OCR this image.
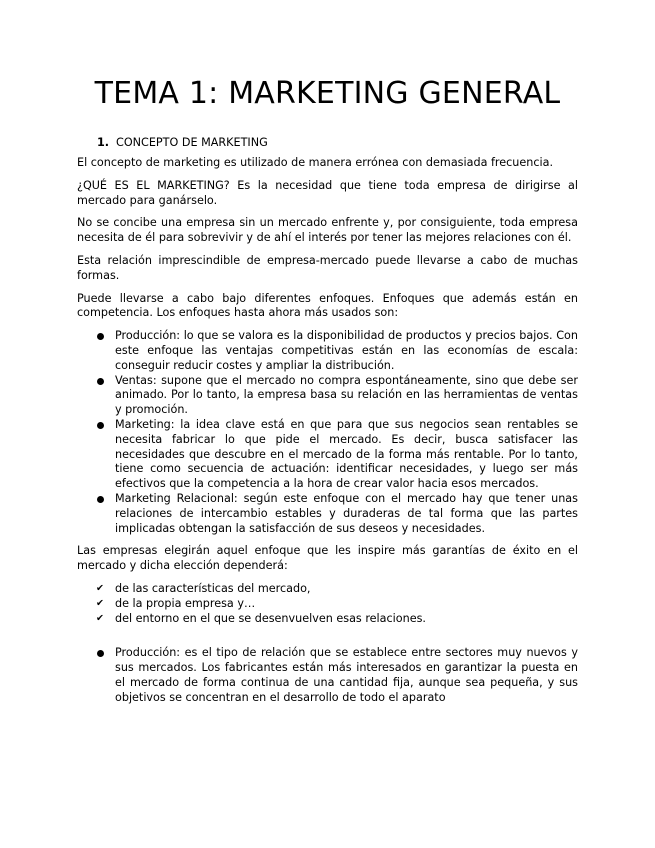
TEMA 1: MARKETING GENERAL
1. CONCEPTO DE MARKETING

El concepto de marketing es utilizado de manera errónea con demasiada frecuencia.

¿QUÉ ES EL MARKETING? Es la necesidad que tiene toda empresa de dirigirse al mercado para ganárselo.

No se concibe una empresa sin un mercado enfrente y, por consiguiente, toda empresa necesita de él para sobrevivir y de ahí el interés por tener las mejores relaciones con él.

Esta relación imprescindible de empresa-mercado puede llevarse a cabo de muchas formas.

Puede llevarse a cabo bajo diferentes enfoques. Enfoques que además están en competencia. Los enfoques hasta ahora más usados son:

Producción: lo que se valora es la disponibilidad de productos y precios bajos. Con este enfoque las ventajas competitivas están en las economías de escala: conseguir reducir costes y ampliar la distribución.
Ventas: supone que el mercado no compra espontáneamente, sino que debe ser animado. Por lo tanto, la empresa basa su relación en las herramientas de ventas y promoción.
Marketing: la idea clave está en que para que sus negocios sean rentables se necesita fabricar lo que pide el mercado. Es decir, busca satisfacer las necesidades que descubre en el mercado de la forma más rentable. Por lo tanto, tiene como secuencia de actuación: identificar necesidades, y luego ser más efectivos que la competencia a la hora de crear valor hacia esos mercados.
Marketing Relacional: según este enfoque con el mercado hay que tener unas relaciones de intercambio estables y duraderas de tal forma que las partes implicadas obtengan la satisfacción de sus deseos y necesidades.

Las empresas elegirán aquel enfoque que les inspire más garantías de éxito en el mercado y dicha elección dependerá:

✔ de las características del mercado,
✔ de la propia empresa y…
✔ del entorno en el que se desenvuelven esas relaciones.
Producción: es el tipo de relación que se establece entre sectores muy nuevos y sus mercados. Los fabricantes están más interesados en garantizar la puesta en el mercado de forma continua de una cantidad fija, aunque sea pequeña, y sus objetivos se concentran en el desarrollo de todo el aparato
